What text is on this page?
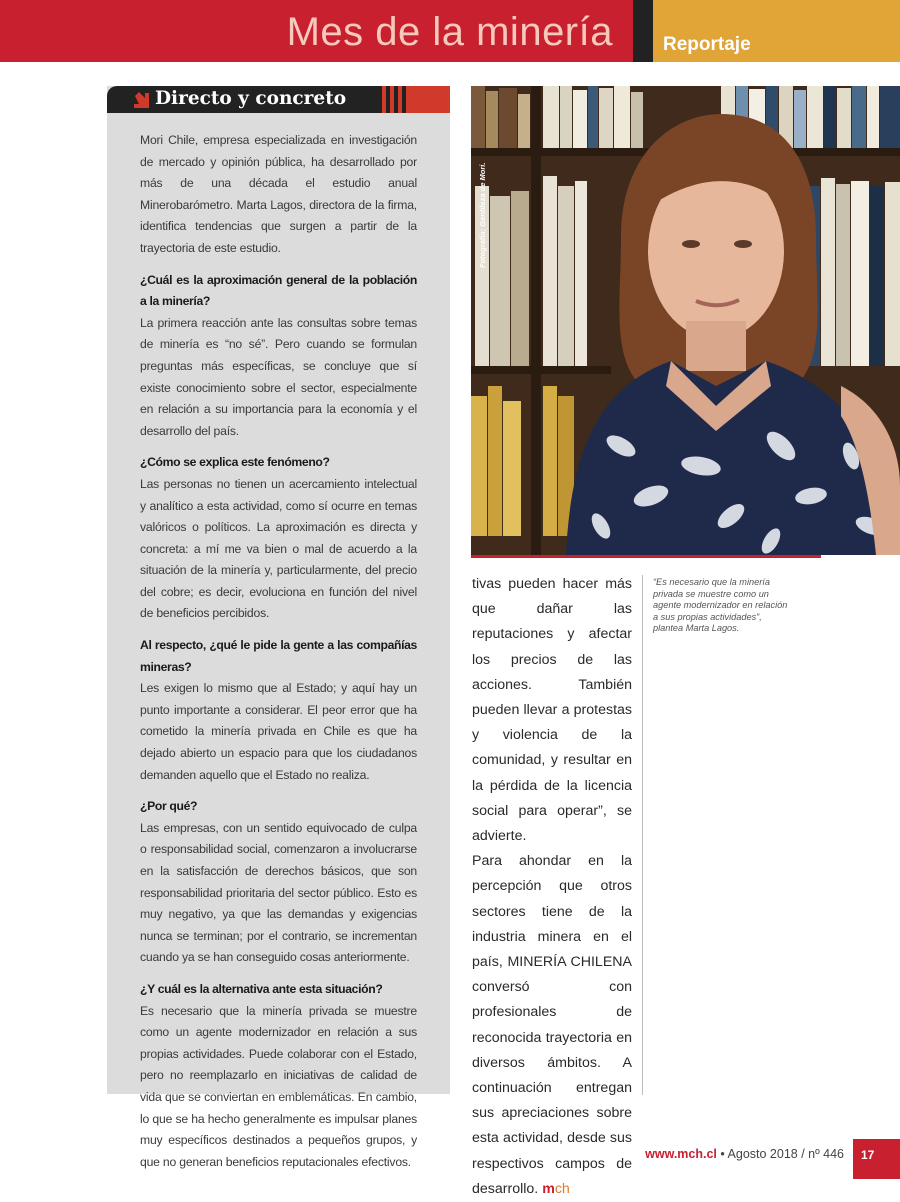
Mes de la minería	Reportaje
Directo y concreto

Mori Chile, empresa especializada en investigación de mercado y opinión pública, ha desarrollado por más de una década el estudio anual Minerobarómetro. Marta Lagos, directora de la firma, identifica tendencias que surgen a partir de la trayectoria de este estudio.

¿Cuál es la aproximación general de la población a la minería?

La primera reacción ante las consultas sobre temas de minería es “no sé”. Pero cuando se formulan preguntas más específicas, se concluye que sí existe conocimiento sobre el sector, especialmente en relación a su importancia para la economía y el desarrollo del país.

¿Cómo se explica este fenómeno?

Las personas no tienen un acercamiento intelectual y analítico a esta actividad, como sí ocurre en temas valóricos o políticos. La aproximación es directa y concreta: a mí me va bien o mal de acuerdo a la situación de la minería y, particularmente, del precio del cobre; es decir, evoluciona en función del nivel de beneficios percibidos.

Al respecto, ¿qué le pide la gente a las compañías mineras?

Les exigen lo mismo que al Estado; y aquí hay un punto importante a considerar. El peor error que ha cometido la minería privada en Chile es que ha dejado abierto un espacio para que los ciudadanos demanden aquello que el Estado no realiza.

¿Por qué?

Las empresas, con un sentido equivocado de culpa o responsabilidad social, comenzaron a involucrarse en la satisfacción de derechos básicos, que son responsabilidad prioritaria del sector público. Esto es muy negativo, ya que las demandas y exigencias nunca se terminan; por el contrario, se incrementan cuando ya se han conseguido cosas anteriormente.

¿Y cuál es la alternativa ante esta situación?

Es necesario que la minería privada se muestre como un agente modernizador en relación a sus propias actividades. Puede colaborar con el Estado, pero no reemplazarlo en iniciativas de calidad de vida que se conviertan en emblemáticas. En cambio, lo que se ha hecho generalmente es impulsar planes muy específicos destinados a pequeños grupos, y que no generan beneficios reputacionales efectivos.

Fotografía: Gentileza de Mori.

tivas pueden hacer más que dañar las reputaciones y afectar los precios de las acciones. También pueden llevar a protestas y violencia de la comunidad, y resultar en la pérdida de la licencia social para operar”, se advierte.

Para ahondar en la percepción que otros sectores tiene de la industria minera en el país, MINERÍA CHILENA conversó con profesionales de reconocida trayectoria en diversos ámbitos. A continuación entregan sus apreciaciones sobre esta actividad, desde sus respectivos campos de desarrollo. mch

“Es necesario que la minería privada se muestre como un agente modernizador en relación a sus propias actividades”, plantea Marta Lagos.
www.mch.cl • Agosto 2018 / nº 446	17
